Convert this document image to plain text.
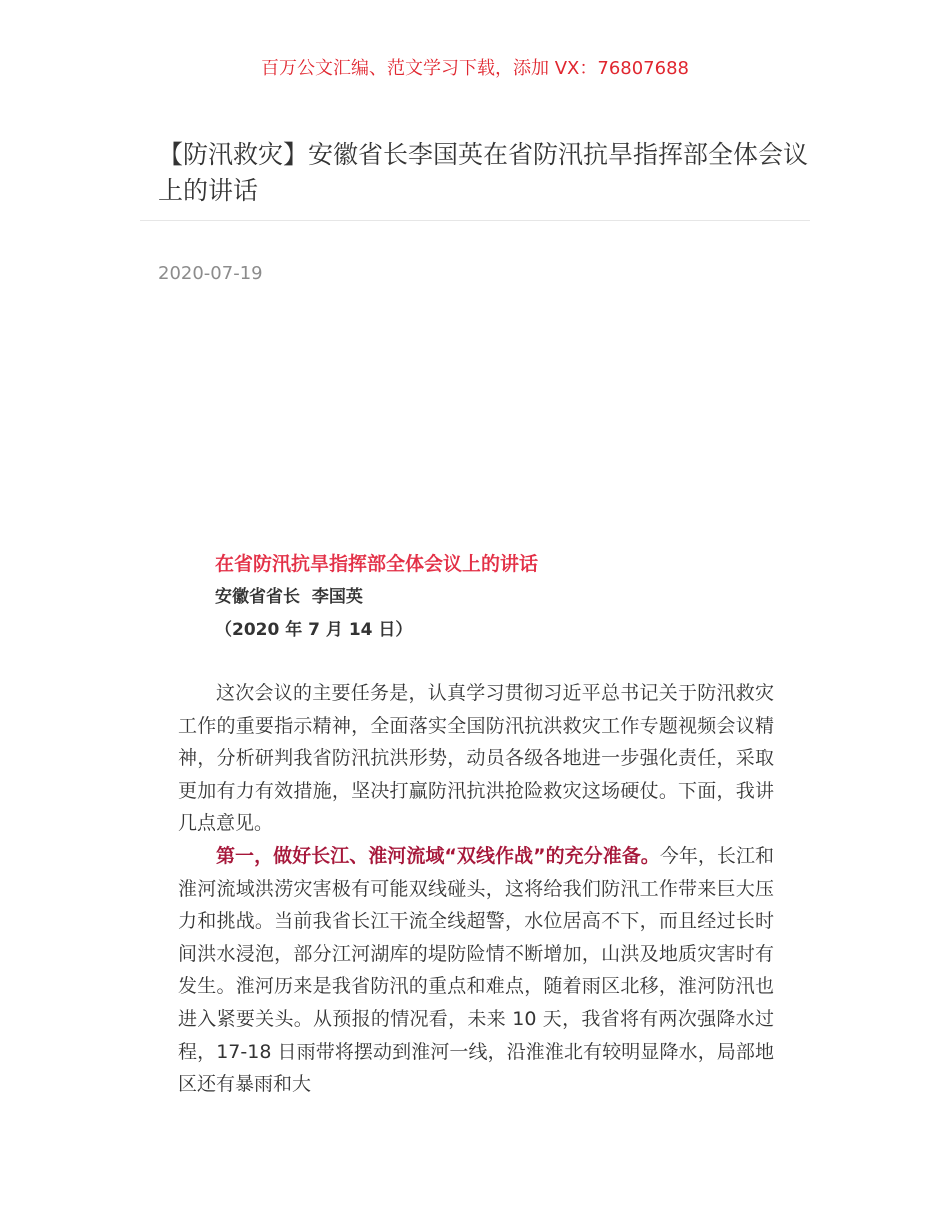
百万公文汇编、范文学习下载，添加 VX：76807688
【防汛救灾】安徽省长李国英在省防汛抗旱指挥部全体会议上的讲话
2020-07-19
在省防汛抗旱指挥部全体会议上的讲话
安徽省省长  李国英
（2020 年 7 月 14 日）

这次会议的主要任务是，认真学习贯彻习近平总书记关于防汛救灾工作的重要指示精神，全面落实全国防汛抗洪救灾工作专题视频会议精神，分析研判我省防汛抗洪形势，动员各级各地进一步强化责任，采取更加有力有效措施，坚决打赢防汛抗洪抢险救灾这场硬仗。下面，我讲几点意见。

第一，做好长江、淮河流域“双线作战”的充分准备。今年，长江和淮河流域洪涝灾害极有可能双线碰头，这将给我们防汛工作带来巨大压力和挑战。当前我省长江干流全线超警，水位居高不下，而且经过长时间洪水浸泡，部分江河湖库的堤防险情不断增加，山洪及地质灾害时有发生。淮河历来是我省防汛的重点和难点，随着雨区北移，淮河防汛也进入紧要关头。从预报的情况看，未来 10 天，我省将有两次强降水过程，17-18 日雨带将摆动到淮河一线，沿淮淮北有较明显降水，局部地区还有暴雨和大
